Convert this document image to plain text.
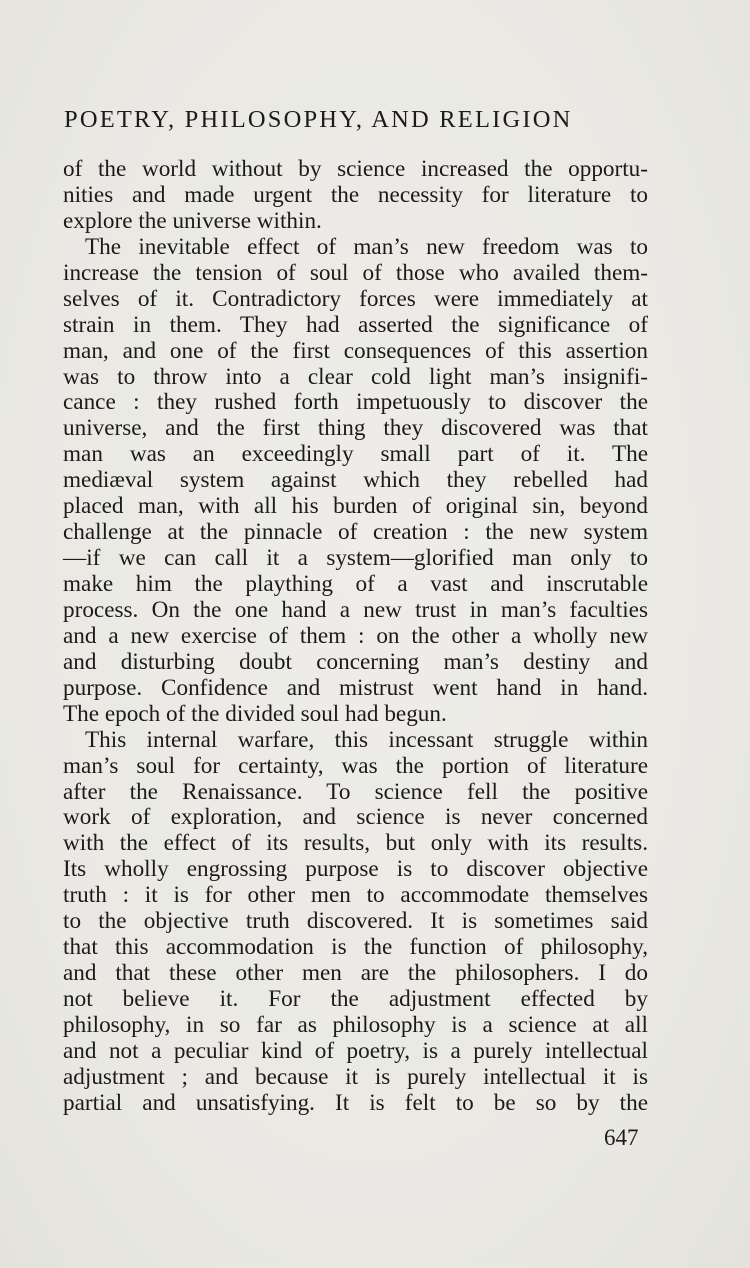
POETRY, PHILOSOPHY, AND RELIGION
of the world without by science increased the opportu-
nities and made urgent the necessity for literature to
explore the universe within.
The inevitable effect of man’s new freedom was to
increase the tension of soul of those who availed them-
selves of it. Contradictory forces were immediately at
strain in them. They had asserted the significance of
man, and one of the first consequences of this assertion
was to throw into a clear cold light man’s insignifi-
cance : they rushed forth impetuously to discover the
universe, and the first thing they discovered was that
man was an exceedingly small part of it. The
mediæval system against which they rebelled had
placed man, with all his burden of original sin, beyond
challenge at the pinnacle of creation : the new system
—if we can call it a system—glorified man only to
make him the plaything of a vast and inscrutable
process. On the one hand a new trust in man’s faculties
and a new exercise of them : on the other a wholly new
and disturbing doubt concerning man’s destiny and
purpose. Confidence and mistrust went hand in hand.
The epoch of the divided soul had begun.
This internal warfare, this incessant struggle within
man’s soul for certainty, was the portion of literature
after the Renaissance. To science fell the positive
work of exploration, and science is never concerned
with the effect of its results, but only with its results.
Its wholly engrossing purpose is to discover objective
truth : it is for other men to accommodate themselves
to the objective truth discovered. It is sometimes said
that this accommodation is the function of philosophy,
and that these other men are the philosophers. I do
not believe it. For the adjustment effected by
philosophy, in so far as philosophy is a science at all
and not a peculiar kind of poetry, is a purely intellectual
adjustment ; and because it is purely intellectual it is
partial and unsatisfying. It is felt to be so by the
647
